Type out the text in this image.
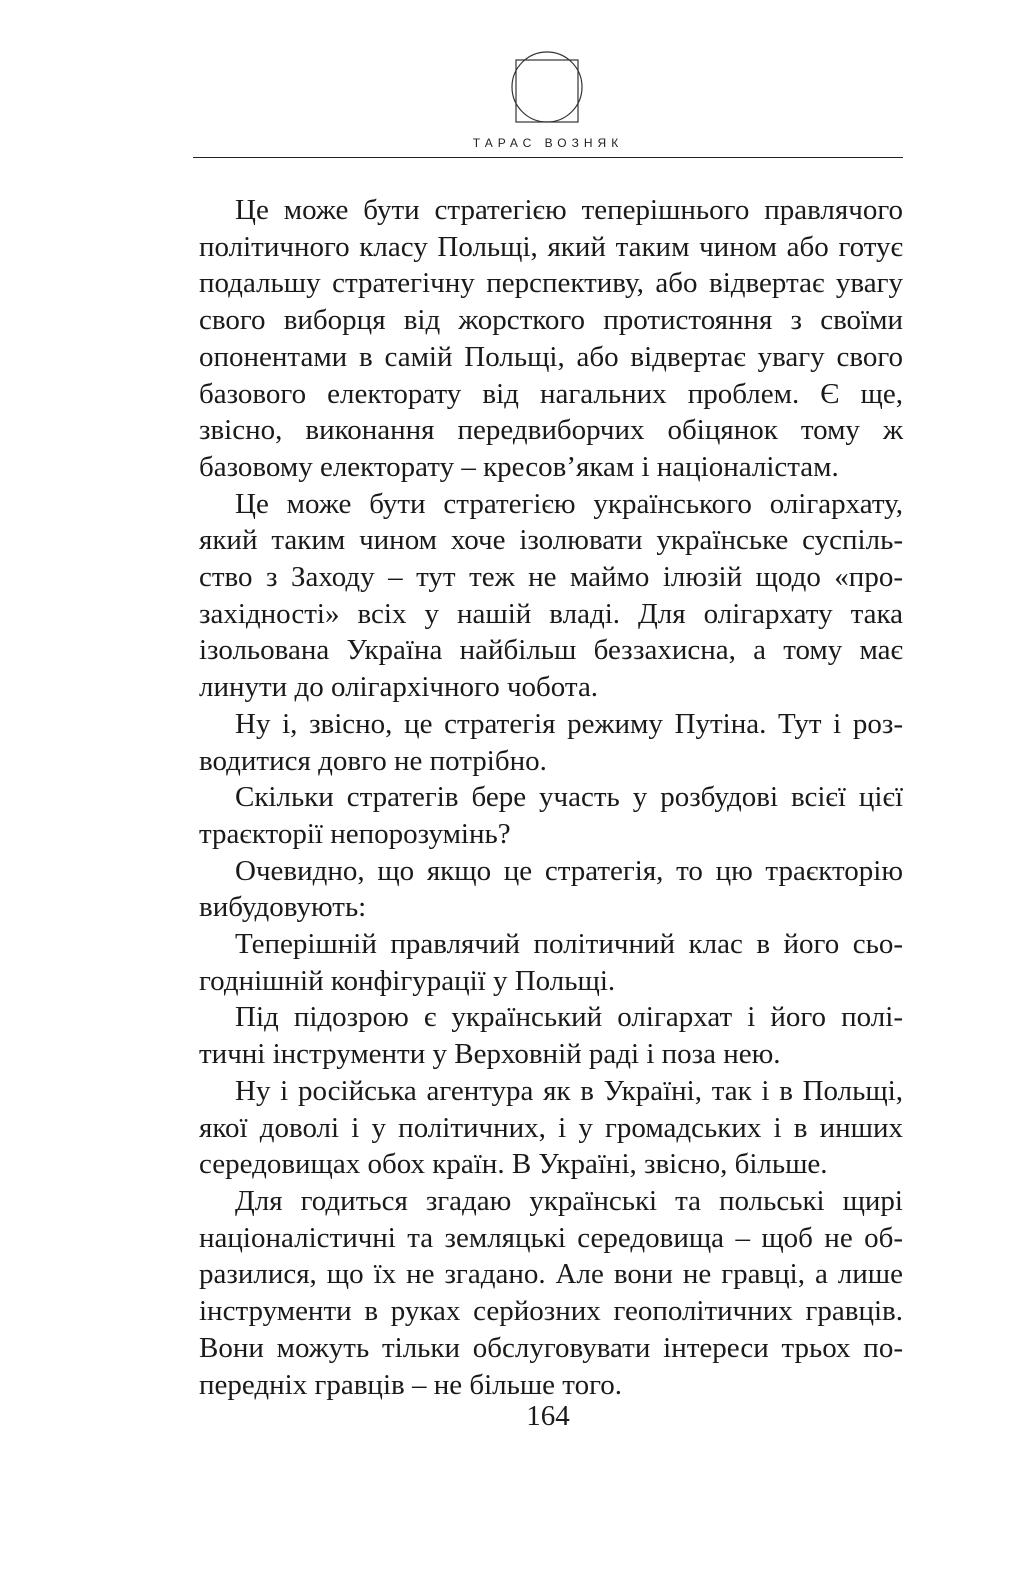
ТАРАС ВОЗНЯК

Це може бути стратегією теперішнього правлячого політичного класу Польщі, який таким чином або готує подальшу стратегічну перспективу, або відвертає увагу свого виборця від жорсткого протистояння з своїми опонентами в самій Польщі, або відвертає увагу свого базового електорату від нагальних проблем. Є ще, звісно, виконання передвиборчих обіцянок тому ж базовому електорату – кресов’якам і націоналістам.

Це може бути стратегією українського олігархату, який таким чином хоче ізолювати українське суспільство з Заходу – тут теж не маймо ілюзій щодо «прозахідності» всіх у нашій владі. Для олігархату така ізольована Україна найбільш беззахисна, а тому має линути до олігархічного чобота.

Ну і, звісно, це стратегія режиму Путіна. Тут і розводитися довго не потрібно.

Скільки стратегів бере участь у розбудові всієї цієї траєкторії непорозумінь?

Очевидно, що якщо це стратегія, то цю траєкторію вибудовують:

Теперішній правлячий політичний клас в його сьогоднішній конфігурації у Польщі.

Під підозрою є український олігархат і його політичні інструменти у Верховній раді і поза нею.

Ну і російська агентура як в Україні, так і в Польщі, якої доволі і у політичних, і у громадських і в инших середовищах обох країн. В Україні, звісно, більше.

Для годиться згадаю українські та польські щирі націоналістичні та земляцькі середовища – щоб не образилися, що їх не згадано. Але вони не гравці, а лише інструменти в руках серйозних геополітичних гравців. Вони можуть тільки обслуговувати інтереси трьох попередніх гравців – не більше того.

164
